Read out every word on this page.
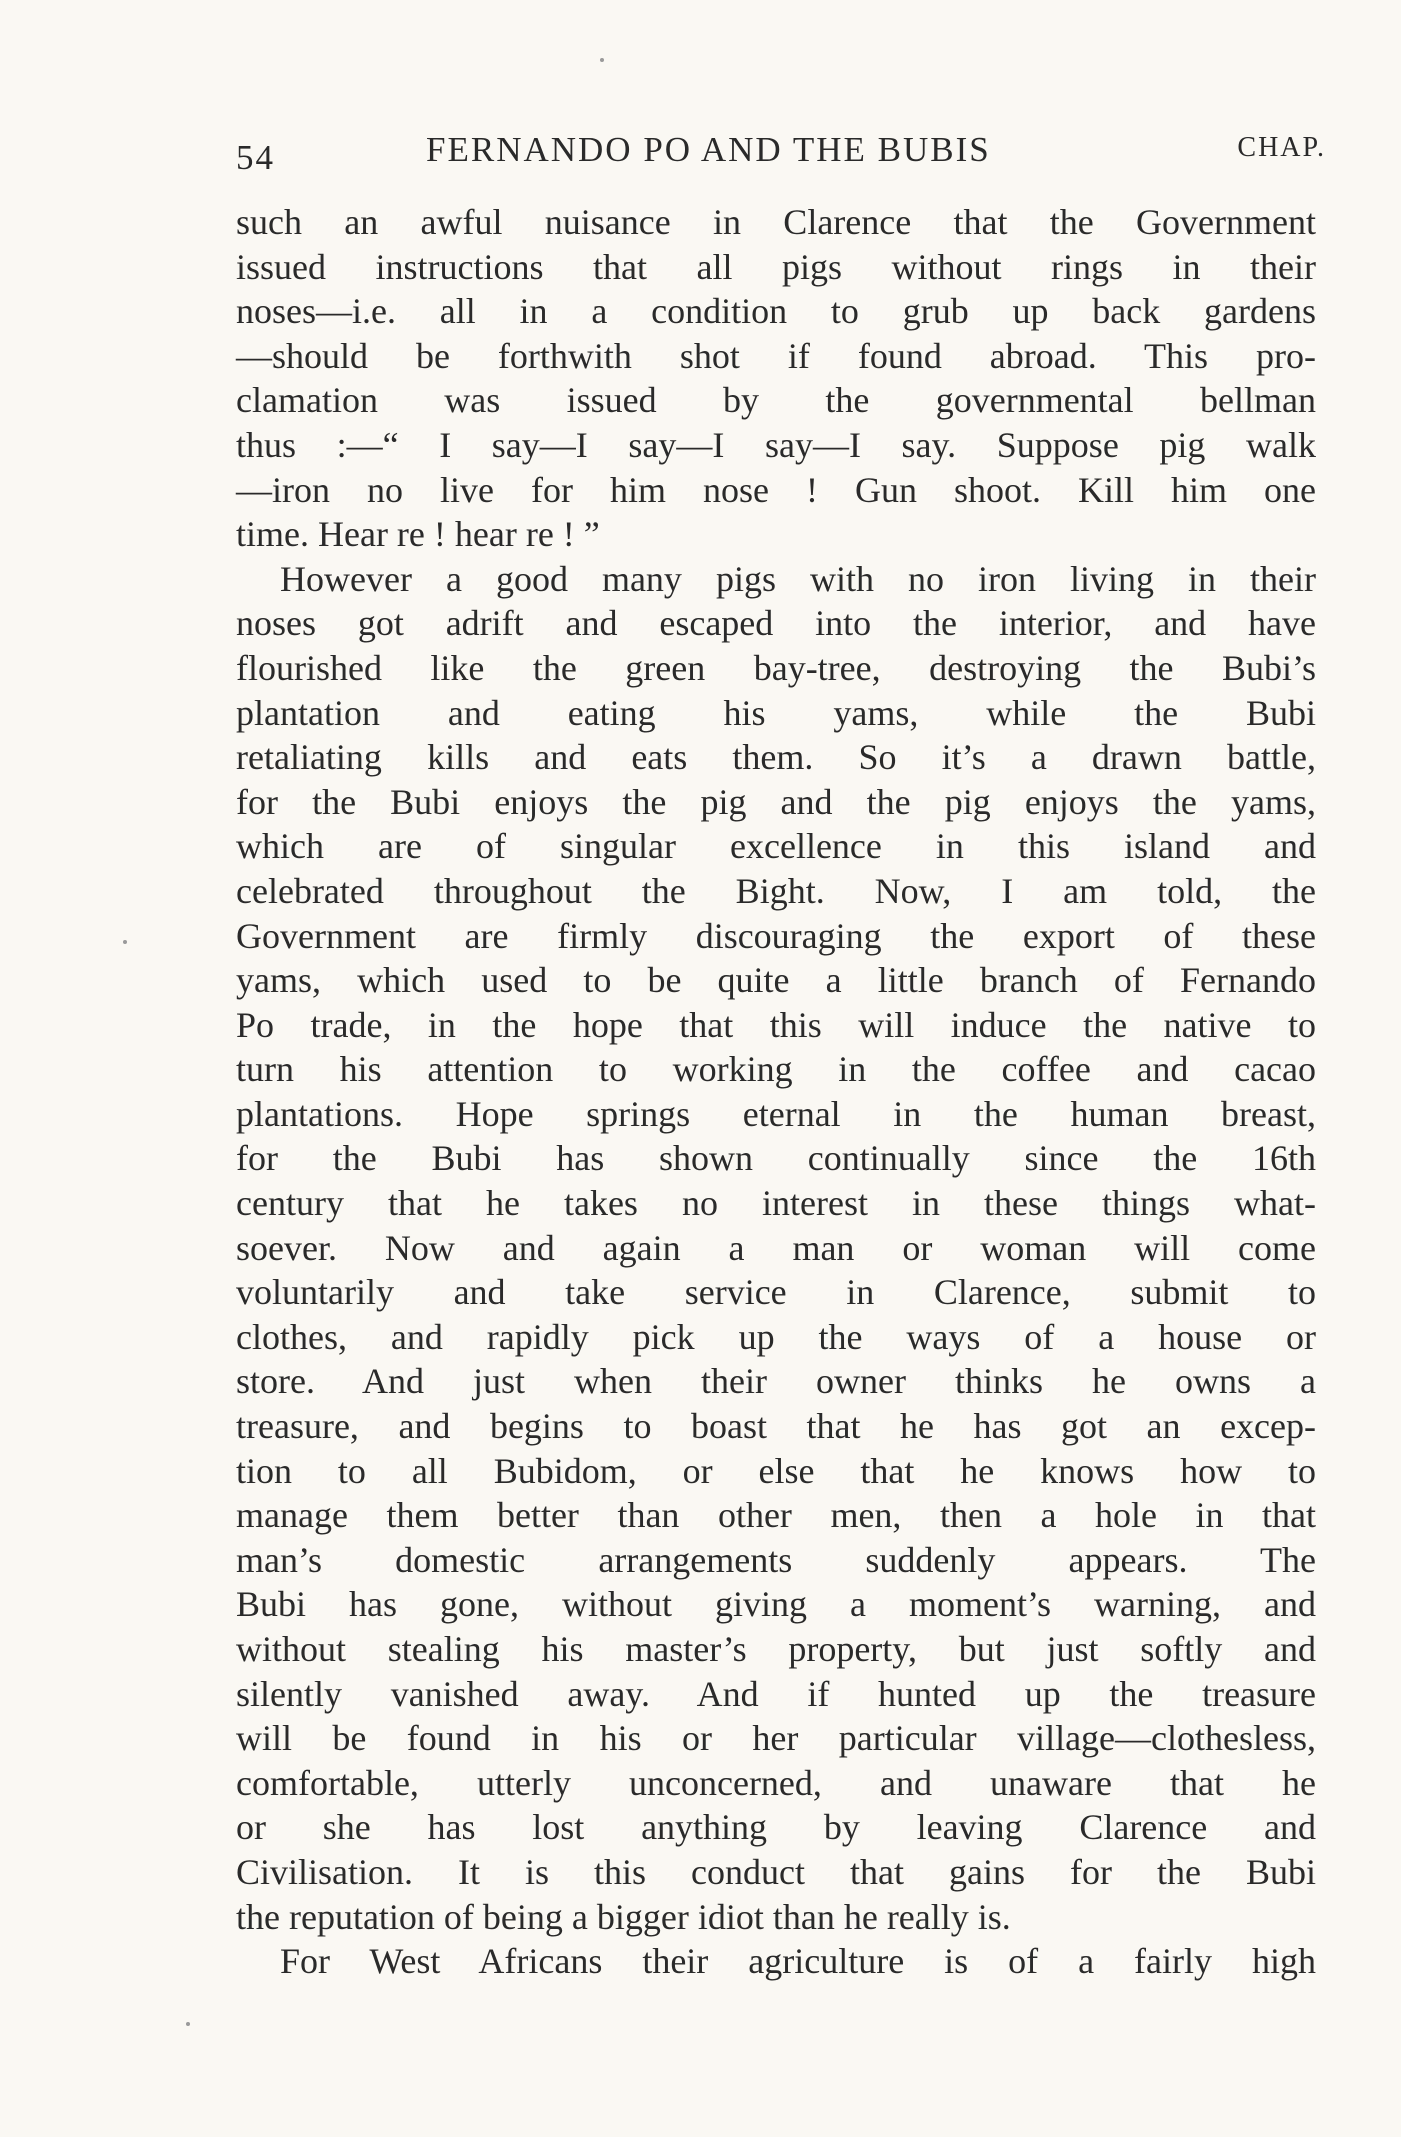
54	FERNANDO PO AND THE BUBIS	CHAP.
such an awful nuisance in Clarence that the Government
issued instructions that all pigs without rings in their
noses—i.e. all in a condition to grub up back gardens
—should be forthwith shot if found abroad. This pro-
clamation was issued by the governmental bellman
thus :—“ I say—I say—I say—I say. Suppose pig walk
—iron no live for him nose ! Gun shoot. Kill him one
time. Hear re ! hear re ! ”
However a good many pigs with no iron living in their
noses got adrift and escaped into the interior, and have
flourished like the green bay-tree, destroying the Bubi’s
plantation and eating his yams, while the Bubi
retaliating kills and eats them. So it’s a drawn battle,
for the Bubi enjoys the pig and the pig enjoys the yams,
which are of singular excellence in this island and
celebrated throughout the Bight. Now, I am told, the
Government are firmly discouraging the export of these
yams, which used to be quite a little branch of Fernando
Po trade, in the hope that this will induce the native to
turn his attention to working in the coffee and cacao
plantations. Hope springs eternal in the human breast,
for the Bubi has shown continually since the 16th
century that he takes no interest in these things what-
soever. Now and again a man or woman will come
voluntarily and take service in Clarence, submit to
clothes, and rapidly pick up the ways of a house or
store. And just when their owner thinks he owns a
treasure, and begins to boast that he has got an excep-
tion to all Bubidom, or else that he knows how to
manage them better than other men, then a hole in that
man’s domestic arrangements suddenly appears. The
Bubi has gone, without giving a moment’s warning, and
without stealing his master’s property, but just softly and
silently vanished away. And if hunted up the treasure
will be found in his or her particular village—clothesless,
comfortable, utterly unconcerned, and unaware that he
or she has lost anything by leaving Clarence and
Civilisation. It is this conduct that gains for the Bubi
the reputation of being a bigger idiot than he really is.
For West Africans their agriculture is of a fairly high
